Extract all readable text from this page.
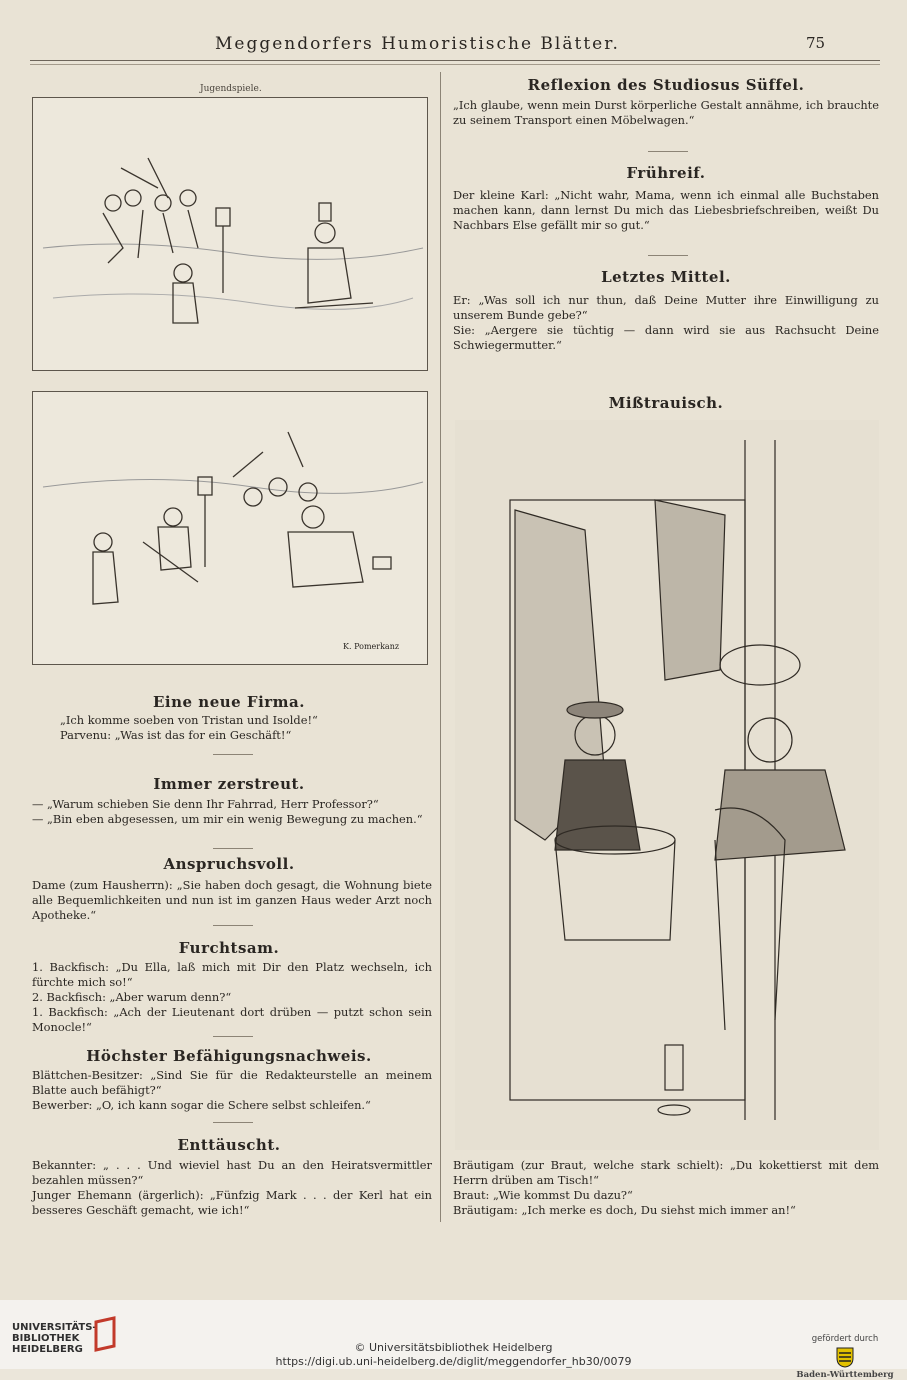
Meggendorfers Humoristische Blätter.	75
Jugendspiele.
K. Pomerkanz
Eine neue Firma.

„Ich komme soeben von Tristan und Isolde!“

Parvenu: „Was ist das for ein Geschäft!“

Immer zerstreut.

— „Warum schieben Sie denn Ihr Fahrrad, Herr Professor?“

— „Bin eben abgesessen, um mir ein wenig Bewegung zu machen.“

Anspruchsvoll.

Dame (zum Hausherrn): „Sie haben doch gesagt, die Wohnung biete alle Bequemlichkeiten und nun ist im ganzen Haus weder Arzt noch Apotheke.“

Furchtsam.

1. Backfisch: „Du Ella, laß mich mit Dir den Platz wechseln, ich fürchte mich so!“

2. Backfisch: „Aber warum denn?“

1. Backfisch: „Ach der Lieutenant dort drüben — putzt schon sein Monocle!“

Höchster Befähigungsnachweis.

Blättchen-Besitzer: „Sind Sie für die Redakteurstelle an meinem Blatte auch befähigt?“

Bewerber: „O, ich kann sogar die Schere selbst schleifen.“

Enttäuscht.

Bekannter: „ . . . Und wieviel hast Du an den Heiratsvermittler bezahlen müssen?“

Junger Ehemann (ärgerlich): „Fünfzig Mark . . . der Kerl hat ein besseres Geschäft gemacht, wie ich!“

Reflexion des Studiosus Süffel.

„Ich glaube, wenn mein Durst körperliche Gestalt annähme, ich brauchte zu seinem Transport einen Möbelwagen.“

Frühreif.

Der kleine Karl: „Nicht wahr, Mama, wenn ich einmal alle Buchstaben machen kann, dann lernst Du mich das Liebesbriefschreiben, weißt Du Nachbars Else gefällt mir so gut.“

Letztes Mittel.

Er: „Was soll ich nur thun, daß Deine Mutter ihre Einwilligung zu unserem Bunde gebe?“

Sie: „Aergere sie tüchtig — dann wird sie aus Rachsucht Deine Schwiegermutter.“

Mißtrauisch.

Bräutigam (zur Braut, welche stark schielt): „Du kokettierst mit dem Herrn drüben am Tisch!“

Braut: „Wie kommst Du dazu?“

Bräutigam: „Ich merke es doch, Du siehst mich immer an!“

UNIVERSITÄTS- BIBLIOTHEK HEIDELBERG
gefördert durch
Baden-Württemberg
© Universitätsbibliothek Heidelberg
https://digi.ub.uni-heidelberg.de/diglit/meggendorfer_hb30/0079
